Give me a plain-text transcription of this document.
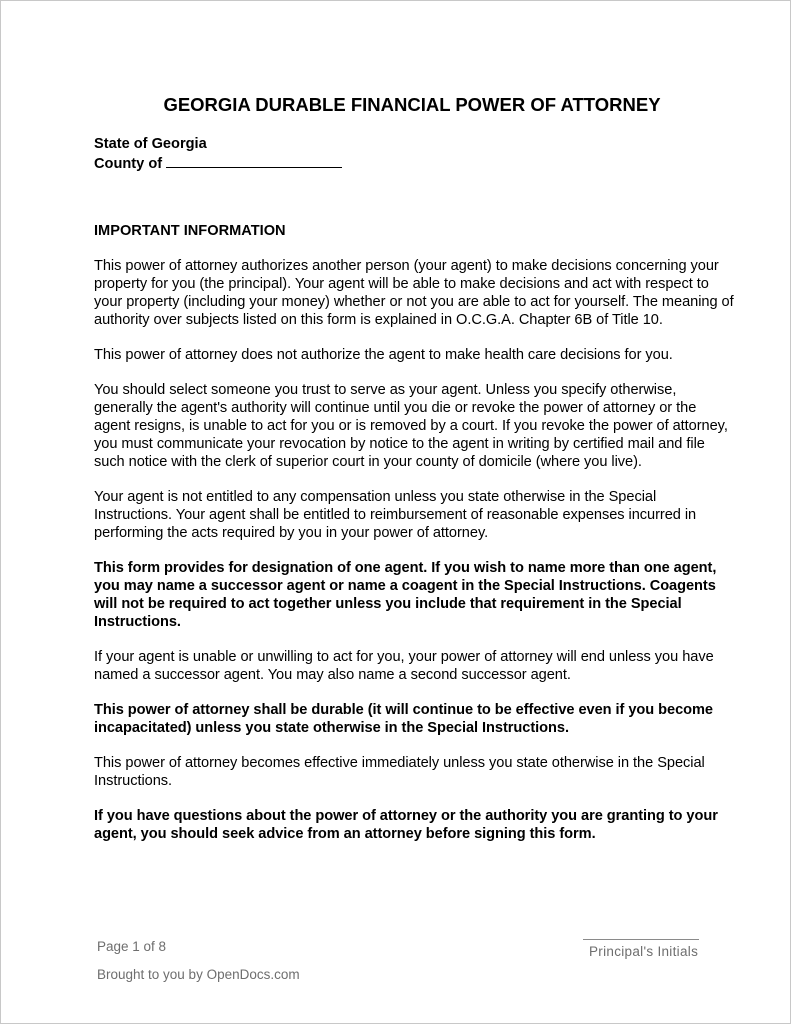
GEORGIA DURABLE FINANCIAL POWER OF ATTORNEY
State of Georgia
County of
IMPORTANT INFORMATION

This power of attorney authorizes another person (your agent) to make decisions concerning your property for you (the principal). Your agent will be able to make decisions and act with respect to your property (including your money) whether or not you are able to act for yourself. The meaning of authority over subjects listed on this form is explained in O.C.G.A. Chapter 6B of Title 10.

This power of attorney does not authorize the agent to make health care decisions for you.

You should select someone you trust to serve as your agent. Unless you specify otherwise, generally the agent's authority will continue until you die or revoke the power of attorney or the agent resigns, is unable to act for you or is removed by a court. If you revoke the power of attorney, you must communicate your revocation by notice to the agent in writing by certified mail and file such notice with the clerk of superior court in your county of domicile (where you live).

Your agent is not entitled to any compensation unless you state otherwise in the Special Instructions. Your agent shall be entitled to reimbursement of reasonable expenses incurred in performing the acts required by you in your power of attorney.

This form provides for designation of one agent. If you wish to name more than one agent, you may name a successor agent or name a coagent in the Special Instructions. Coagents will not be required to act together unless you include that requirement in the Special Instructions.

If your agent is unable or unwilling to act for you, your power of attorney will end unless you have named a successor agent. You may also name a second successor agent.

This power of attorney shall be durable (it will continue to be effective even if you become incapacitated) unless you state otherwise in the Special Instructions.

This power of attorney becomes effective immediately unless you state otherwise in the Special Instructions.

If you have questions about the power of attorney or the authority you are granting to your agent, you should seek advice from an attorney before signing this form.

Page 1 of 8
Brought to you by OpenDocs.com
Principal's Initials
